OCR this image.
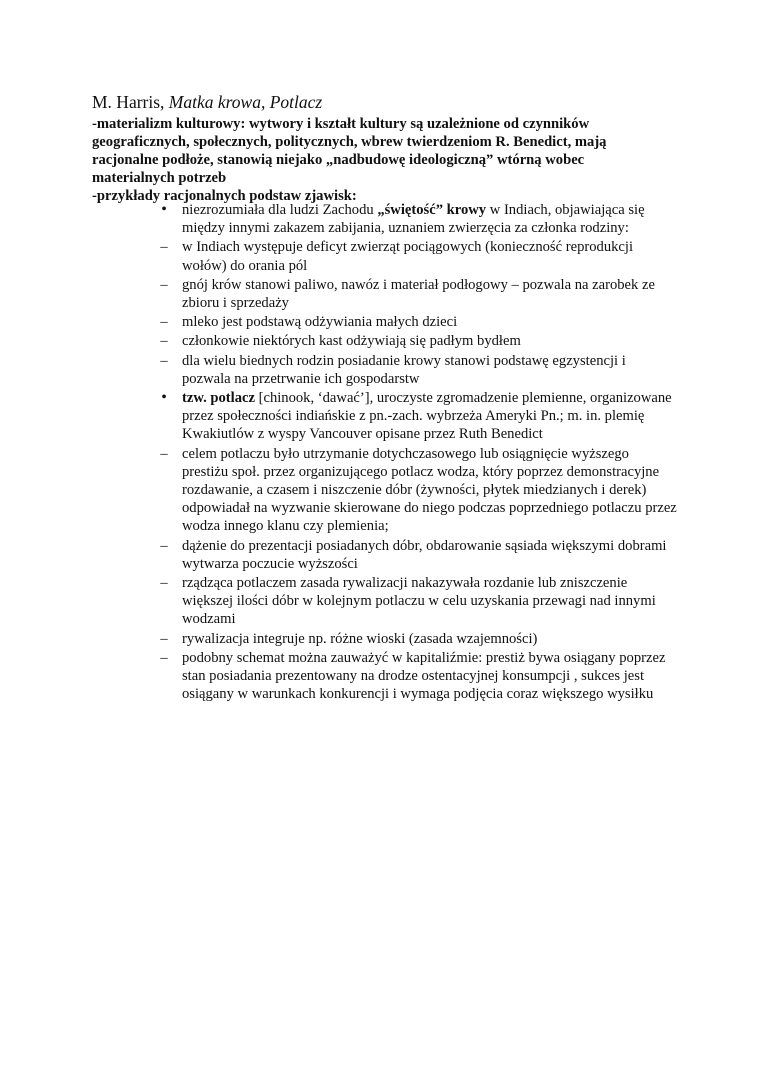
M. Harris, Matka krowa, Potlacz

-materializm kulturowy: wytwory i kształt kultury są uzależnione od czynników geograficznych, społecznych, politycznych, wbrew twierdzeniom R. Benedict, mają racjonalne podłoże, stanowią niejako „nadbudowę ideologiczną” wtórną wobec materialnych potrzeb

-przykłady racjonalnych podstaw zjawisk:

• niezrozumiała dla ludzi Zachodu „świętość” krowy w Indiach, objawiająca się między innymi zakazem zabijania, uznaniem zwierzęcia za członka rodziny:
– w Indiach występuje deficyt zwierząt pociągowych (konieczność reprodukcji wołów) do orania pól
– gnój krów stanowi paliwo, nawóz i materiał podłogowy – pozwala na zarobek ze zbioru i sprzedaży
– mleko jest podstawą odżywiania małych dzieci
– członkowie niektórych kast odżywiają się padłym bydłem
– dla wielu biednych rodzin posiadanie krowy stanowi podstawę egzystencji i pozwala na przetrwanie ich gospodarstw
• tzw. potlacz [chinook, ‘dawać’], uroczyste zgromadzenie plemienne, organizowane przez społeczności indiańskie z pn.-zach. wybrzeża Ameryki Pn.; m. in. plemię Kwakiutlów z wyspy Vancouver opisane przez Ruth Benedict
– celem potlaczu było utrzymanie dotychczasowego lub osiągnięcie wyższego prestiżu społ. przez organizującego potlacz wodza, który poprzez demonstracyjne rozdawanie, a czasem i niszczenie dóbr (żywności, płytek miedzianych i derek) odpowiadał na wyzwanie skierowane do niego podczas poprzedniego potlaczu przez wodza innego klanu czy plemienia;
– dążenie do prezentacji posiadanych dóbr, obdarowanie sąsiada większymi dobrami wytwarza poczucie wyższości
– rządząca potlaczem zasada rywalizacji nakazywała rozdanie lub zniszczenie większej ilości dóbr w kolejnym potlaczu w celu uzyskania przewagi nad innymi wodzami
– rywalizacja integruje np. różne wioski (zasada wzajemności)
– podobny schemat można zauważyć w kapitaliźmie: prestiż bywa osiągany poprzez stan posiadania prezentowany na drodze ostentacyjnej konsumpcji , sukces jest osiągany w warunkach konkurencji i wymaga podjęcia coraz większego wysiłku
